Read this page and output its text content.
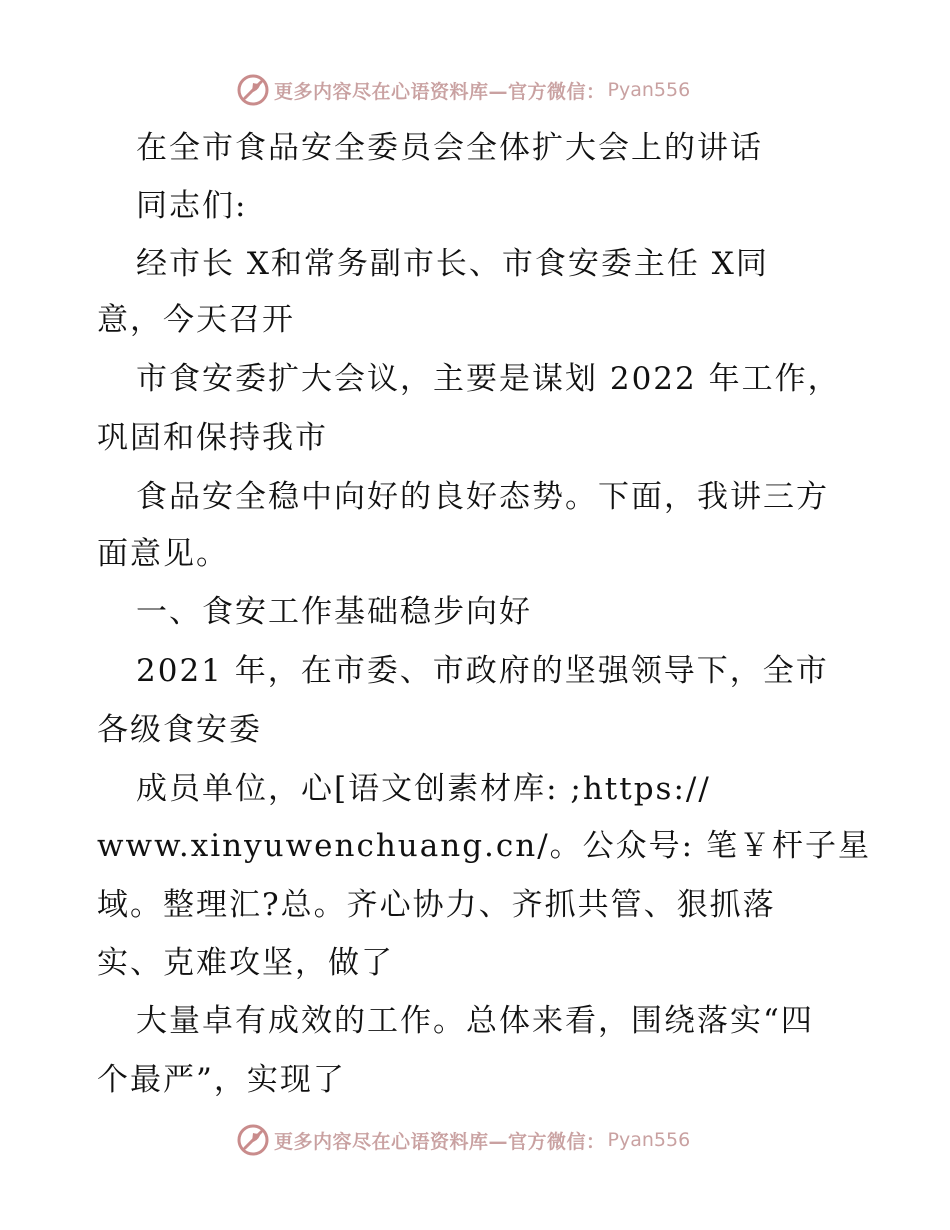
更多内容尽在心语资料库—官方微信： Pyan556

在全市食品安全委员会全体扩大会上的讲话

同志们:

经市长 X和常务副市长、市食安委主任 X同

意，今天召开

市食安委扩大会议，主要是谋划 2022 年工作，

巩固和保持我市

食品安全稳中向好的良好态势。下面，我讲三方

面意见。

一、食安工作基础稳步向好

2021 年，在市委、市政府的坚强领导下，全市

各级食安委

成员单位，心[语文创素材库: ;https://

www.xinyuwenchuang.cn/。公众号: 笔￥杆子星

域。整理汇?总。齐心协力、齐抓共管、狠抓落

实、克难攻坚，做了

大量卓有成效的工作。总体来看，围绕落实“四

个最严”，实现了

更多内容尽在心语资料库—官方微信： Pyan556
